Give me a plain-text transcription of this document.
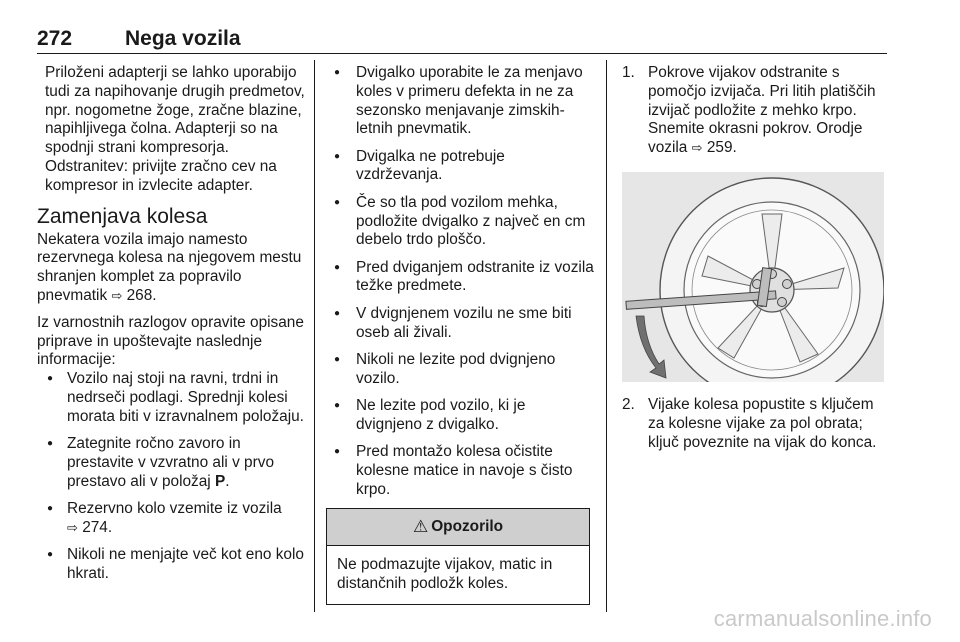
272	Nega vozila

Priloženi adapterji se lahko uporabijo tudi za napihovanje drugih predmetov, npr. nogometne žoge, zračne blazine, napihljivega čolna. Adapterji so na spodnji strani kompresorja. Odstranitev: privijte zračno cev na kompresor in izvlecite adapter.

Zamenjava kolesa

Nekatera vozila imajo namesto rezervnega kolesa na njegovem mestu shranjen komplet za popravilo pnevmatik ⇨ 268.

Iz varnostnih razlogov opravite opisane priprave in upoštevajte naslednje informacije:

● Vozilo naj stoji na ravni, trdni in nedrseči podlagi. Sprednji kolesi morata biti v izravnalnem položaju.
● Zategnite ročno zavoro in prestavite v vzvratno ali v prvo prestavo ali v položaj P.
● Rezervno kolo vzemite iz vozila
⇨ 274.
● Nikoli ne menjajte več kot eno kolo hkrati.
● Dvigalko uporabite le za menjavo koles v primeru defekta in ne za sezonsko menjavanje zimskih-letnih pnevmatik.
● Dvigalka ne potrebuje vzdrževanja.
● Če so tla pod vozilom mehka, podložite dvigalko z največ en cm debelo trdo ploščo.
● Pred dviganjem odstranite iz vozila težke predmete.
● V dvignjenem vozilu ne sme biti oseb ali živali.
● Nikoli ne lezite pod dvignjeno vozilo.
● Ne lezite pod vozilo, ki je dvignjeno z dvigalko.
● Pred montažo kolesa očistite kolesne matice in navoje s čisto krpo.
⚠ Opozorilo
Ne podmazujte vijakov, matic in distančnih podložk koles.
1. Pokrove vijakov odstranite s pomočjo izvijača. Pri litih platiščih izvijač podložite z mehko krpo. Snemite okrasni pokrov. Orodje vozila ⇨ 259.
2. Vijake kolesa popustite s ključem za kolesne vijake za pol obrata; ključ poveznite na vijak do konca.
carmanualsonline.info
